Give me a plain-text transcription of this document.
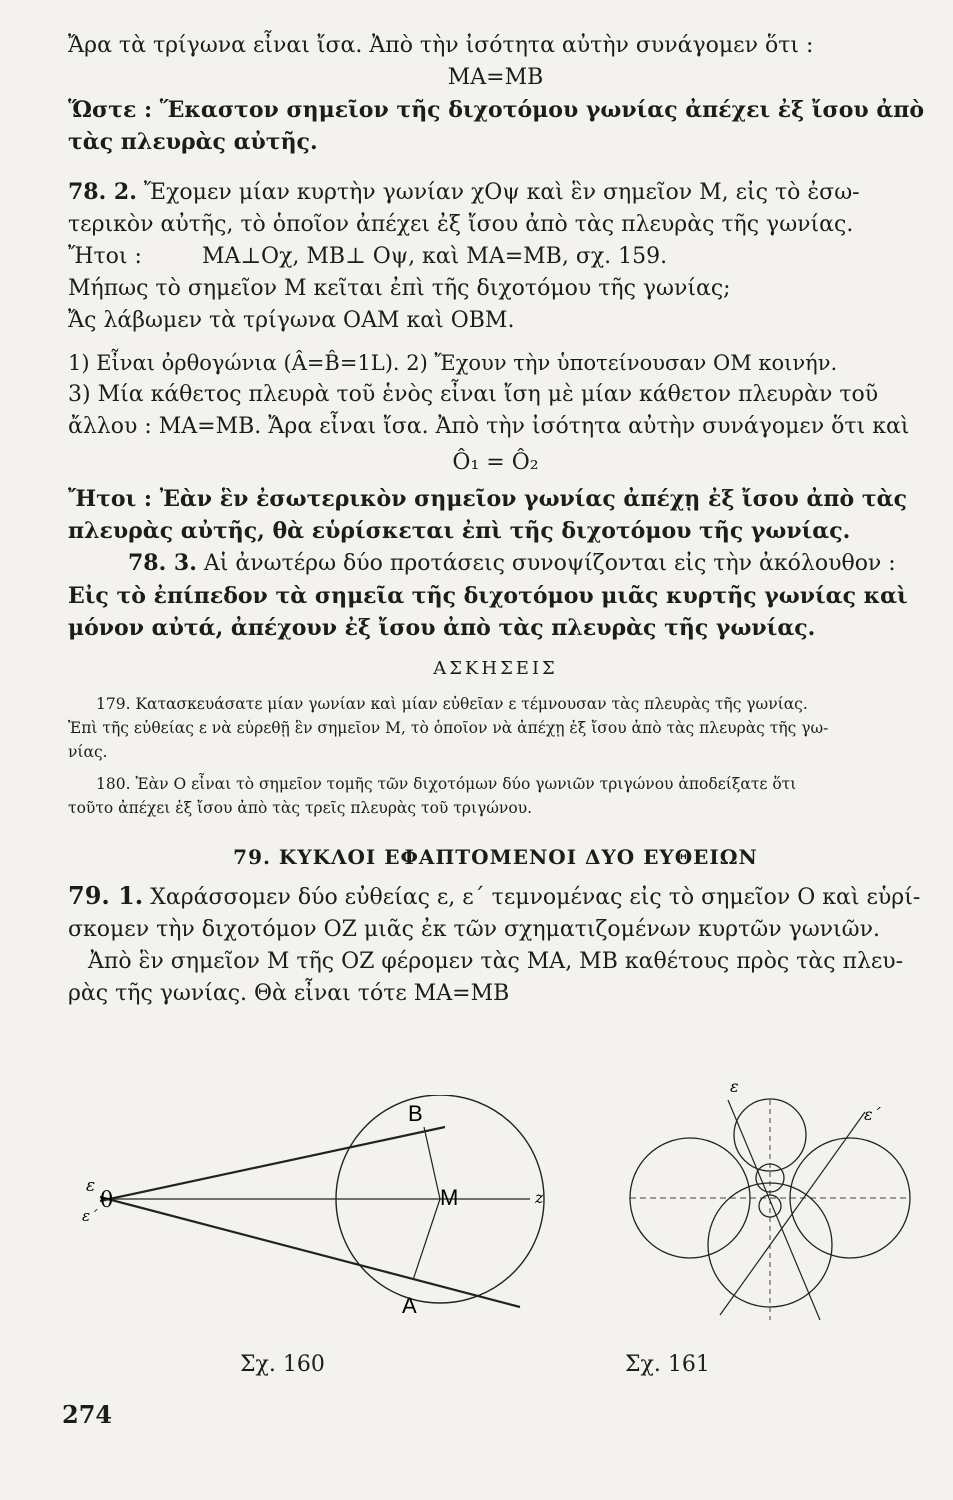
Ἄρα τὰ τρίγωνα εἶναι ἴσα. Ἀπὸ τὴν ἰσότητα αὐτὴν συνάγομεν ὅτι :

ΜΑ=ΜΒ

Ὥστε : Ἕκαστον σημεῖον τῆς διχοτόμου γωνίας ἀπέχει ἐξ ἴσου ἀπὸ

τὰς πλευρὰς αὐτῆς.

78. 2. Ἔχομεν μίαν κυρτὴν γωνίαν χΟψ καὶ ἓν σημεῖον Μ, εἰς τὸ ἐσω-

τερικὸν αὐτῆς, τὸ ὁποῖον ἀπέχει ἐξ ἴσου ἀπὸ τὰς πλευρὰς τῆς γωνίας.

Ἤτοι :	ΜΑ⊥Οχ, ΜΒ⊥ Οψ, καὶ ΜΑ=ΜΒ, σχ. 159.

Μήπως τὸ σημεῖον Μ κεῖται ἐπὶ τῆς διχοτόμου τῆς γωνίας;

Ἄς λάβωμεν τὰ τρίγωνα ΟΑΜ καὶ ΟΒΜ.

1) Εἶναι ὀρθογώνια (Â=B̂=1L). 2) Ἔχουν τὴν ὑποτείνουσαν ΟΜ κοινήν.

3) Μία κάθετος πλευρὰ τοῦ ἑνὸς εἶναι ἴση μὲ μίαν κάθετον πλευρὰν τοῦ

ἄλλου : ΜΑ=ΜΒ. Ἄρα εἶναι ἴσα. Ἀπὸ τὴν ἰσότητα αὐτὴν συνάγομεν ὅτι καὶ

Ô₁ = Ô₂

Ἤτοι : Ἐὰν ἓν ἐσωτερικὸν σημεῖον γωνίας ἀπέχῃ ἐξ ἴσου ἀπὸ τὰς

πλευρὰς αὐτῆς, θὰ εὑρίσκεται ἐπὶ τῆς διχοτόμου τῆς γωνίας.

78. 3. Αἱ ἀνωτέρω δύο προτάσεις συνοψίζονται εἰς τὴν ἀκόλουθον :

Εἰς τὸ ἐπίπεδον τὰ σημεῖα τῆς διχοτόμου μιᾶς κυρτῆς γωνίας καὶ

μόνον αὐτά, ἀπέχουν ἐξ ἴσου ἀπὸ τὰς πλευρὰς τῆς γωνίας.

ΑΣΚΗΣΕΙΣ

179. Κατασκευάσατε μίαν γωνίαν καὶ μίαν εὐθεῖαν ε τέμνουσαν τὰς πλευρὰς τῆς γωνίας.

Ἐπὶ τῆς εὐθείας ε νὰ εὑρεθῇ ἓν σημεῖον Μ, τὸ ὁποῖον νὰ ἀπέχῃ ἐξ ἴσου ἀπὸ τὰς πλευρὰς τῆς γω-

νίας.

180. Ἐὰν Ο εἶναι τὸ σημεῖον τομῆς τῶν διχοτόμων δύο γωνιῶν τριγώνου ἀποδείξατε ὅτι

τοῦτο ἀπέχει ἐξ ἴσου ἀπὸ τὰς τρεῖς πλευρὰς τοῦ τριγώνου.

79. ΚΥΚΛΟΙ ΕΦΑΠΤΟΜΕΝΟΙ ΔΥΟ ΕΥΘΕΙΩΝ

79. 1. Χαράσσομεν δύο εὐθείας ε, ε΄ τεμνομένας εἰς τὸ σημεῖον Ο καὶ εὑρί-

σκομεν τὴν διχοτόμον ΟΖ μιᾶς ἐκ τῶν σχηματιζομένων κυρτῶν γωνιῶν.

Ἀπὸ ἓν σημεῖον Μ τῆς ΟΖ φέρομεν τὰς ΜΑ, ΜΒ καθέτους πρὸς τὰς πλευ-

ρὰς τῆς γωνίας. Θὰ εἶναι τότε ΜΑ=ΜΒ

Β
Μ
Α
z
θ
ε
ε΄
ε
ε΄
Σχ. 160	Σχ. 161
274
